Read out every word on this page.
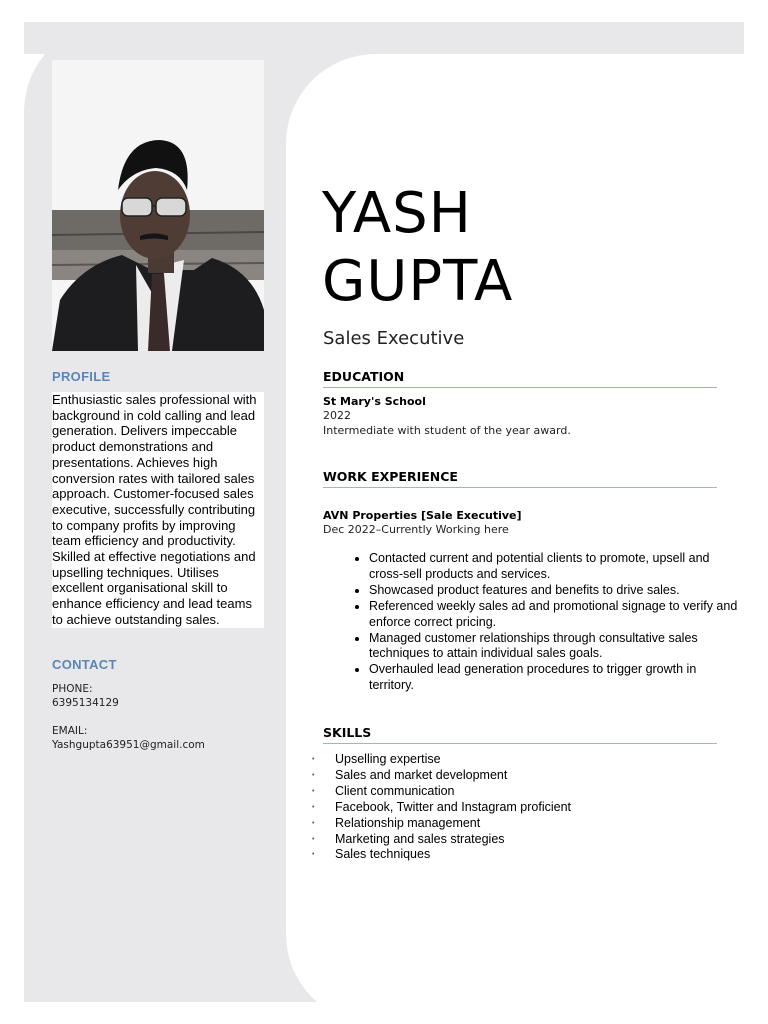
PROFILE
Enthusiastic sales professional with background in cold calling and lead generation. Delivers impeccable product demonstrations and presentations. Achieves high conversion rates with tailored sales approach. Customer-focused sales executive, successfully contributing to company profits by improving team efficiency and productivity. Skilled at effective negotiations and upselling techniques. Utilises excellent organisational skill to enhance efficiency and lead teams to achieve outstanding sales.
CONTACT
PHONE:
6395134129
EMAIL:
Yashgupta63951@gmail.com
YASH
GUPTA
Sales Executive
EDUCATION
St Mary's School
2022
Intermediate with student of the year award.
WORK EXPERIENCE
AVN Properties [Sale Executive]
Dec 2022–Currently Working here
• Contacted current and potential clients to promote, upsell and cross-sell products and services.
• Showcased product features and benefits to drive sales.
• Referenced weekly sales ad and promotional signage to verify and enforce correct pricing.
• Managed customer relationships through consultative sales techniques to attain individual sales goals.
• Overhauled lead generation procedures to trigger growth in territory.
SKILLS
• Upselling expertise
• Sales and market development
• Client communication
• Facebook, Twitter and Instagram proficient
• Relationship management
• Marketing and sales strategies
• Sales techniques
